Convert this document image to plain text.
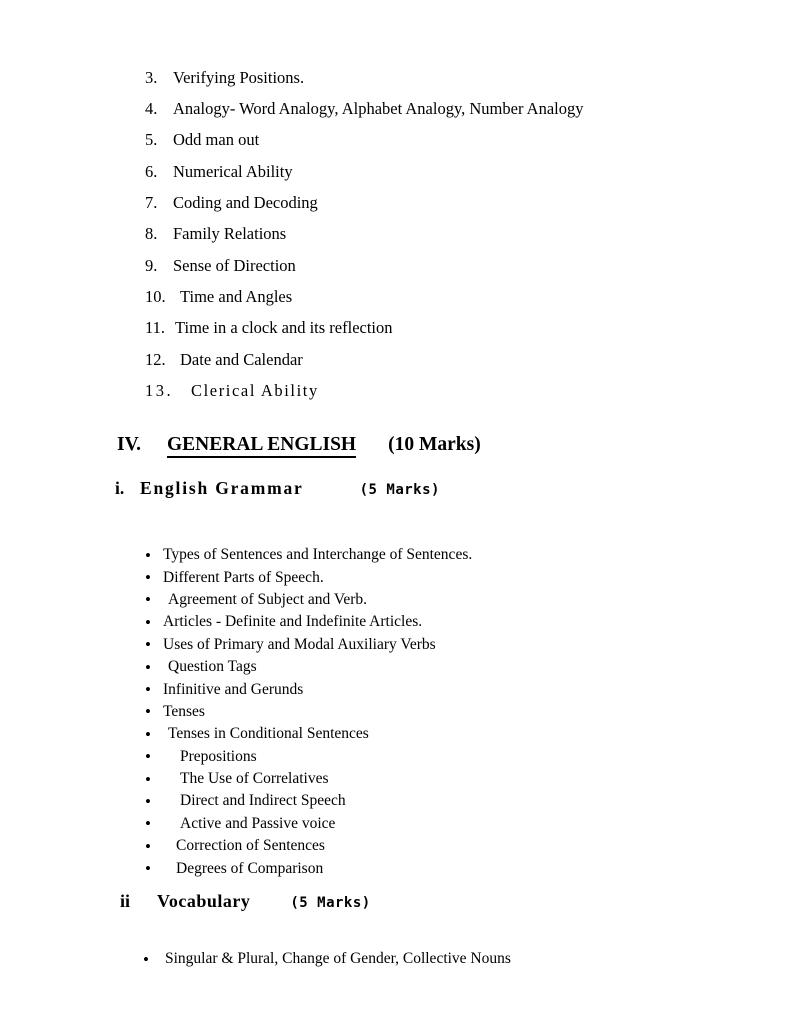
3. Verifying Positions.
4. Analogy- Word Analogy, Alphabet Analogy, Number Analogy
5. Odd man out
6. Numerical Ability
7. Coding and Decoding
8. Family Relations
9. Sense of Direction
10. Time and Angles
11. Time in a clock and its reflection
12. Date and Calendar
13.	Clerical Ability
IV. GENERAL ENGLISH (10 Marks)
i. English Grammar	(5 Marks)
• Types of Sentences and Interchange of Sentences.
• Different Parts of Speech.
•	Agreement of Subject and Verb.
• Articles - Definite and Indefinite Articles.
• Uses of Primary and Modal Auxiliary Verbs
•	Question Tags
• Infinitive and Gerunds
• Tenses
•	Tenses in Conditional Sentences
•	Prepositions
•	The Use of Correlatives
•	Direct and Indirect Speech
•	Active and Passive voice
•	Correction of Sentences
•	Degrees of Comparison
ii Vocabulary	(5 Marks)
•	Singular & Plural, Change of Gender, Collective Nouns
